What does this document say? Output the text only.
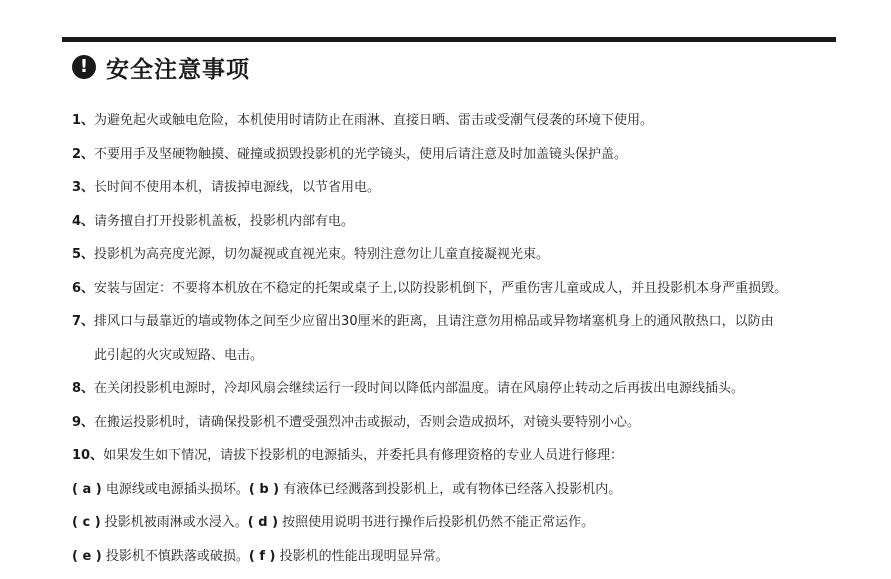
! 安全注意事项
1、为避免起火或触电危险，本机使用时请防止在雨淋、直接日晒、雷击或受潮气侵袭的环境下使用。
2、不要用手及坚硬物触摸、碰撞或损毁投影机的光学镜头，使用后请注意及时加盖镜头保护盖。
3、长时间不使用本机，请拔掉电源线，以节省用电。
4、请务擅自打开投影机盖板，投影机内部有电。
5、投影机为高亮度光源，切勿凝视或直视光束。特别注意勿让儿童直接凝视光束。
6、安装与固定：不要将本机放在不稳定的托架或桌子上,以防投影机倒下，严重伤害儿童或成人，并且投影机本身严重损毁。
7、排风口与最靠近的墙或物体之间至少应留出30厘米的距离，且请注意勿用棉品或异物堵塞机身上的通风散热口，以防由
此引起的火灾或短路、电击。
8、在关闭投影机电源时，冷却风扇会继续运行一段时间以降低内部温度。请在风扇停止转动之后再拔出电源线插头。
9、在搬运投影机时，请确保投影机不遭受强烈冲击或振动，否则会造成损坏，对镜头要特别小心。
10、如果发生如下情况，请拔下投影机的电源插头，并委托具有修理资格的专业人员进行修理：
( a ) 电源线或电源插头损坏。( b ) 有液体已经溅落到投影机上，或有物体已经落入投影机内。
( c ) 投影机被雨淋或水浸入。( d ) 按照使用说明书进行操作后投影机仍然不能正常运作。
( e ) 投影机不慎跌落或破损。( f ) 投影机的性能出现明显异常。
